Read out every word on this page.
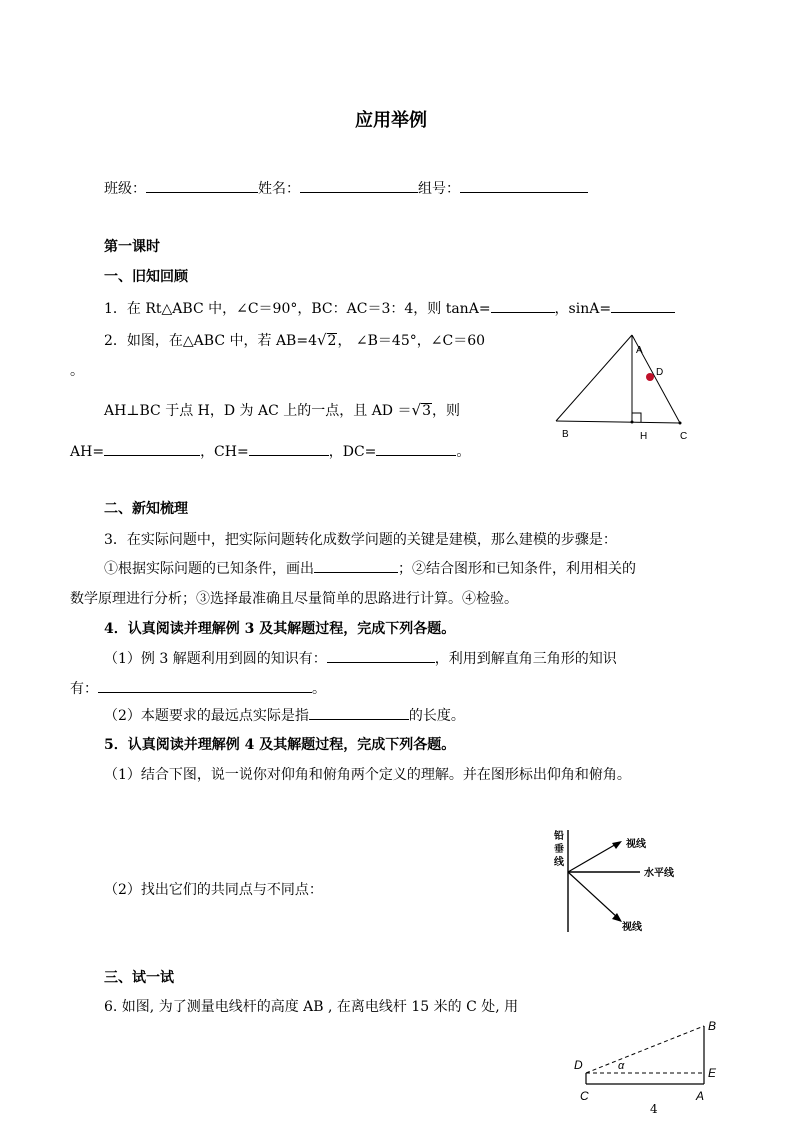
应用举例
班级：	姓名：	组号：
第一课时
一、旧知回顾
1．在 Rt△ABC 中，∠C＝90°，BC：AC＝3：4，则 tanA=	，sinA=
2．如图，在△ABC 中，若 AB=4√2， ∠B＝45°，∠C＝60
。
AH⊥BC 于点 H，D 为 AC 上的一点，且 AD ＝√3，则
AH=	，CH=	，DC=	。
A
D
B	H	C
二、新知梳理
3．在实际问题中，把实际问题转化成数学问题的关键是建模，那么建模的步骤是：
①根据实际问题的已知条件，画出	；②结合图形和已知条件，利用相关的
数学原理进行分析；③选择最准确且尽量简单的思路进行计算。④检验。
4．认真阅读并理解例 3 及其解题过程，完成下列各题。
（1）例 3 解题利用到圆的知识有：	，利用到解直角三角形的知识
有：	。
（2）本题要求的最远点实际是指	的长度。
5．认真阅读并理解例 4 及其解题过程，完成下列各题。
（1）结合下图，说一说你对仰角和俯角两个定义的理解。并在图形标出仰角和俯角。
（2）找出它们的共同点与不同点：
铅
垂
线
视线
水平线
视线
三、试一试
6. 如图, 为了测量电线杆的高度 AB , 在离电线杆 15 米的 C 处, 用
B
D	α	E
C	A
4
